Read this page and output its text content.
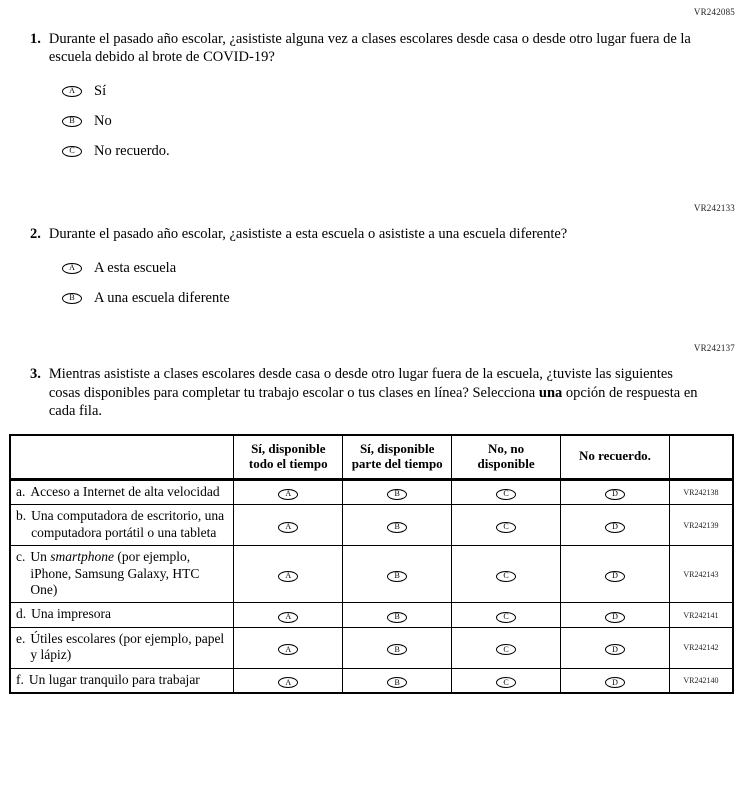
VR242085
1. Durante el pasado año escolar, ¿asististe alguna vez a clases escolares desde casa o desde otro lugar fuera de la escuela debido al brote de COVID-19?
A	Sí
B	No
C	No recuerdo.
VR242133
2. Durante el pasado año escolar, ¿asististe a esta escuela o asististe a una escuela diferente?
A	A esta escuela
B	A una escuela diferente
VR242137
3. Mientras asististe a clases escolares desde casa o desde otro lugar fuera de la escuela, ¿tuviste las siguientes cosas disponibles para completar tu trabajo escolar o tus clases en línea? Selecciona una opción de respuesta en cada fila.
	Sí, disponible todo el tiempo	Sí, disponible parte del tiempo	No, no disponible	No recuerdo.	

a. Acceso a Internet de alta velocidad	A	B	C	D	VR242138

b. Una computadora de escritorio, una computadora portátil o una tableta	A	B	C	D	VR242139

c. Un smartphone (por ejemplo, iPhone, Samsung Galaxy, HTC One)	A	B	C	D	VR242143

d. Una impresora	A	B	C	D	VR242141

e. Útiles escolares (por ejemplo, papel y lápiz)	A	B	C	D	VR242142

f. Un lugar tranquilo para trabajar	A	B	C	D	VR242140
